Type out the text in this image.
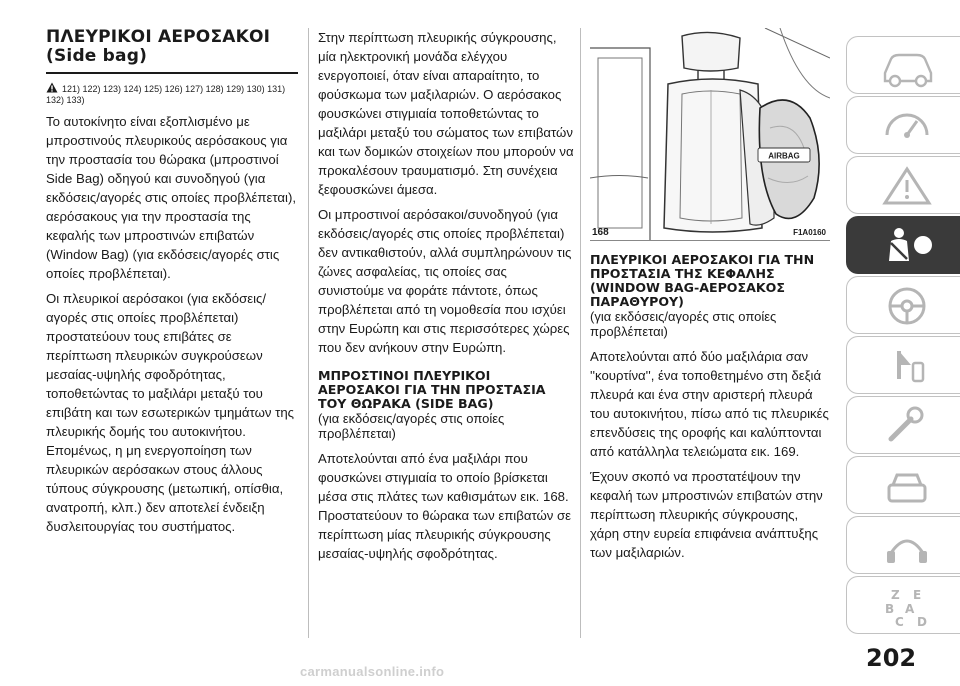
ΠΛΕΥΡΙΚΟΙ ΑΕΡΟΣΑΚΟΙ
(Side bag)
121) 122) 123) 124) 125) 126) 127) 128) 129) 130) 131) 132) 133)

Το αυτοκίνητο είναι εξοπλισμένο με μπροστινούς πλευρικούς αερόσακους για την προστασία του θώρακα (μπροστινοί Side Bag) οδηγού και συνοδηγού (για εκδόσεις/αγορές στις οποίες προβλέπεται), αερόσακους για την προστασία της κεφαλής των μπροστινών επιβατών (Window Bag) (για εκδόσεις/αγορές στις οποίες προβλέπεται).

Οι πλευρικοί αερόσακοι (για εκδόσεις/αγορές στις οποίες προβλέπεται) προστατεύουν τους επιβάτες σε περίπτωση πλευρικών συγκρούσεων μεσαίας-υψηλής σφοδρότητας, τοποθετώντας το μαξιλάρι μεταξύ του επιβάτη και των εσωτερικών τμημάτων της πλευρικής δομής του αυτοκινήτου. Επομένως, η μη ενεργοποίηση των πλευρικών αερόσακων στους άλλους τύπους σύγκρουσης (μετωπική, οπίσθια, ανατροπή, κλπ.) δεν αποτελεί ένδειξη δυσλειτουργίας του συστήματος.

Στην περίπτωση πλευρικής σύγκρουσης, μία ηλεκτρονική μονάδα ελέγχου ενεργοποιεί, όταν είναι απαραίτητο, το φούσκωμα των μαξιλαριών. Ο αερόσακος φουσκώνει στιγμιαία τοποθετώντας το μαξιλάρι μεταξύ του σώματος των επιβατών και των δομικών στοιχείων που μπορούν να προκαλέσουν τραυματισμό. Στη συνέχεια ξεφουσκώνει άμεσα.

Οι μπροστινοί αερόσακοι/συνοδηγού (για εκδόσεις/αγορές στις οποίες προβλέπεται) δεν αντικαθιστούν, αλλά συμπληρώνουν τις ζώνες ασφαλείας, τις οποίες σας συνιστούμε να φοράτε πάντοτε, όπως προβλέπεται από τη νομοθεσία που ισχύει στην Ευρώπη και στις περισσότερες χώρες που δεν ανήκουν στην Ευρώπη.

ΜΠΡΟΣΤΙΝΟΙ ΠΛΕΥΡΙΚΟΙ ΑΕΡΟΣΑΚΟΙ ΓΙΑ ΤΗΝ ΠΡΟΣΤΑΣΙΑ ΤΟΥ ΘΩΡΑΚΑ (SIDE BAG)

(για εκδόσεις/αγορές στις οποίες προβλέπεται)

Αποτελούνται από ένα μαξιλάρι που φουσκώνει στιγμιαία το οποίο βρίσκεται μέσα στις πλάτες των καθισμάτων εικ. 168. Προστατεύουν το θώρακα των επιβατών σε περίπτωση μίας πλευρικής σύγκρουσης μεσαίας-υψηλής σφοδρότητας.

AIRBAG
168	F1A0160
ΠΛΕΥΡΙΚΟΙ ΑΕΡΟΣΑΚΟΙ ΓΙΑ ΤΗΝ ΠΡΟΣΤΑΣΙΑ ΤΗΣ ΚΕΦΑΛΗΣ (WINDOW BAG-ΑΕΡΟΣΑΚΟΣ ΠΑΡΑΘΥΡΟΥ)

(για εκδόσεις/αγορές στις οποίες προβλέπεται)

Αποτελούνται από δύο μαξιλάρια σαν ''κουρτίνα'', ένα τοποθετημένο στη δεξιά πλευρά και ένα στην αριστερή πλευρά του αυτοκινήτου, πίσω από τις πλευρικές επενδύσεις της οροφής και καλύπτονται από κατάλληλα τελειώματα εικ. 169.

Έχουν σκοπό να προστατέψουν την κεφαλή των μπροστινών επιβατών στην περίπτωση πλευρικής σύγκρουσης, χάρη στην ευρεία επιφάνεια ανάπτυξης των μαξιλαριών.

Z E
B A
C D
202
carmanualsonline.info
